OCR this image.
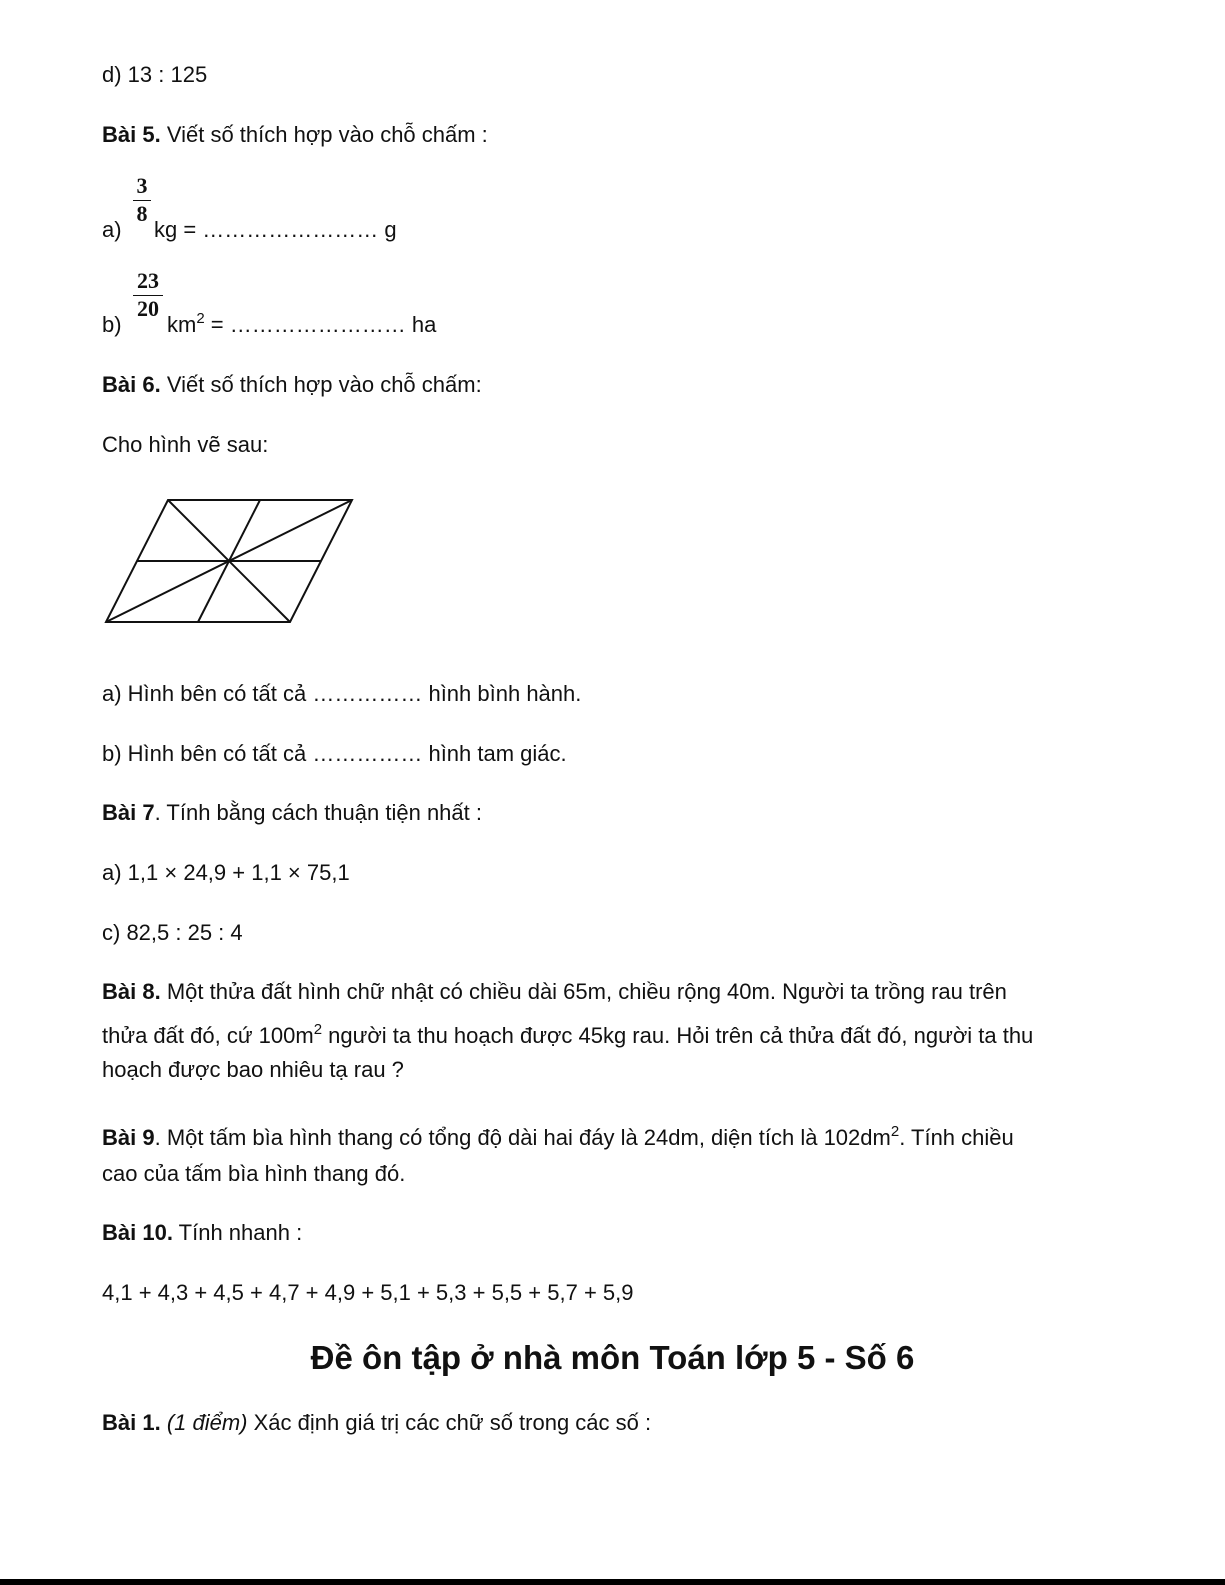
d) 13 : 125
Bài 5. Viết số thích hợp vào chỗ chấm :
a)
3
8
kg = …………………… g
b)
23
20
$km^2$ = …………………… ha
Bài 6. Viết số thích hợp vào chỗ chấm:
Cho hình vẽ sau:
a) Hình bên có tất cả …………… hình bình hành.
b) Hình bên có tất cả …………… hình tam giác.
Bài 7. Tính bằng cách thuận tiện nhất :
a) 1,1 × 24,9 + 1,1 × 75,1
c) 82,5 : 25 : 4
Bài 8. Một thửa đất hình chữ nhật có chiều dài 65m, chiều rộng 40m. Người ta trồng rau trên
thửa đất đó, cứ $100m^2$ người ta thu hoạch được 45kg rau. Hỏi trên cả thửa đất đó, người ta thu
hoạch được bao nhiêu tạ rau ?
Bài 9. Một tấm bìa hình thang có tổng độ dài hai đáy là 24dm, diện tích là $102dm^2$. Tính chiều
cao của tấm bìa hình thang đó.
Bài 10. Tính nhanh :
4,1 + 4,3 + 4,5 + 4,7 + 4,9 + 5,1 + 5,3 + 5,5 + 5,7 + 5,9
Đề ôn tập ở nhà môn Toán lớp 5 - Số 6
Bài 1. (1 điểm) Xác định giá trị các chữ số trong các số :
